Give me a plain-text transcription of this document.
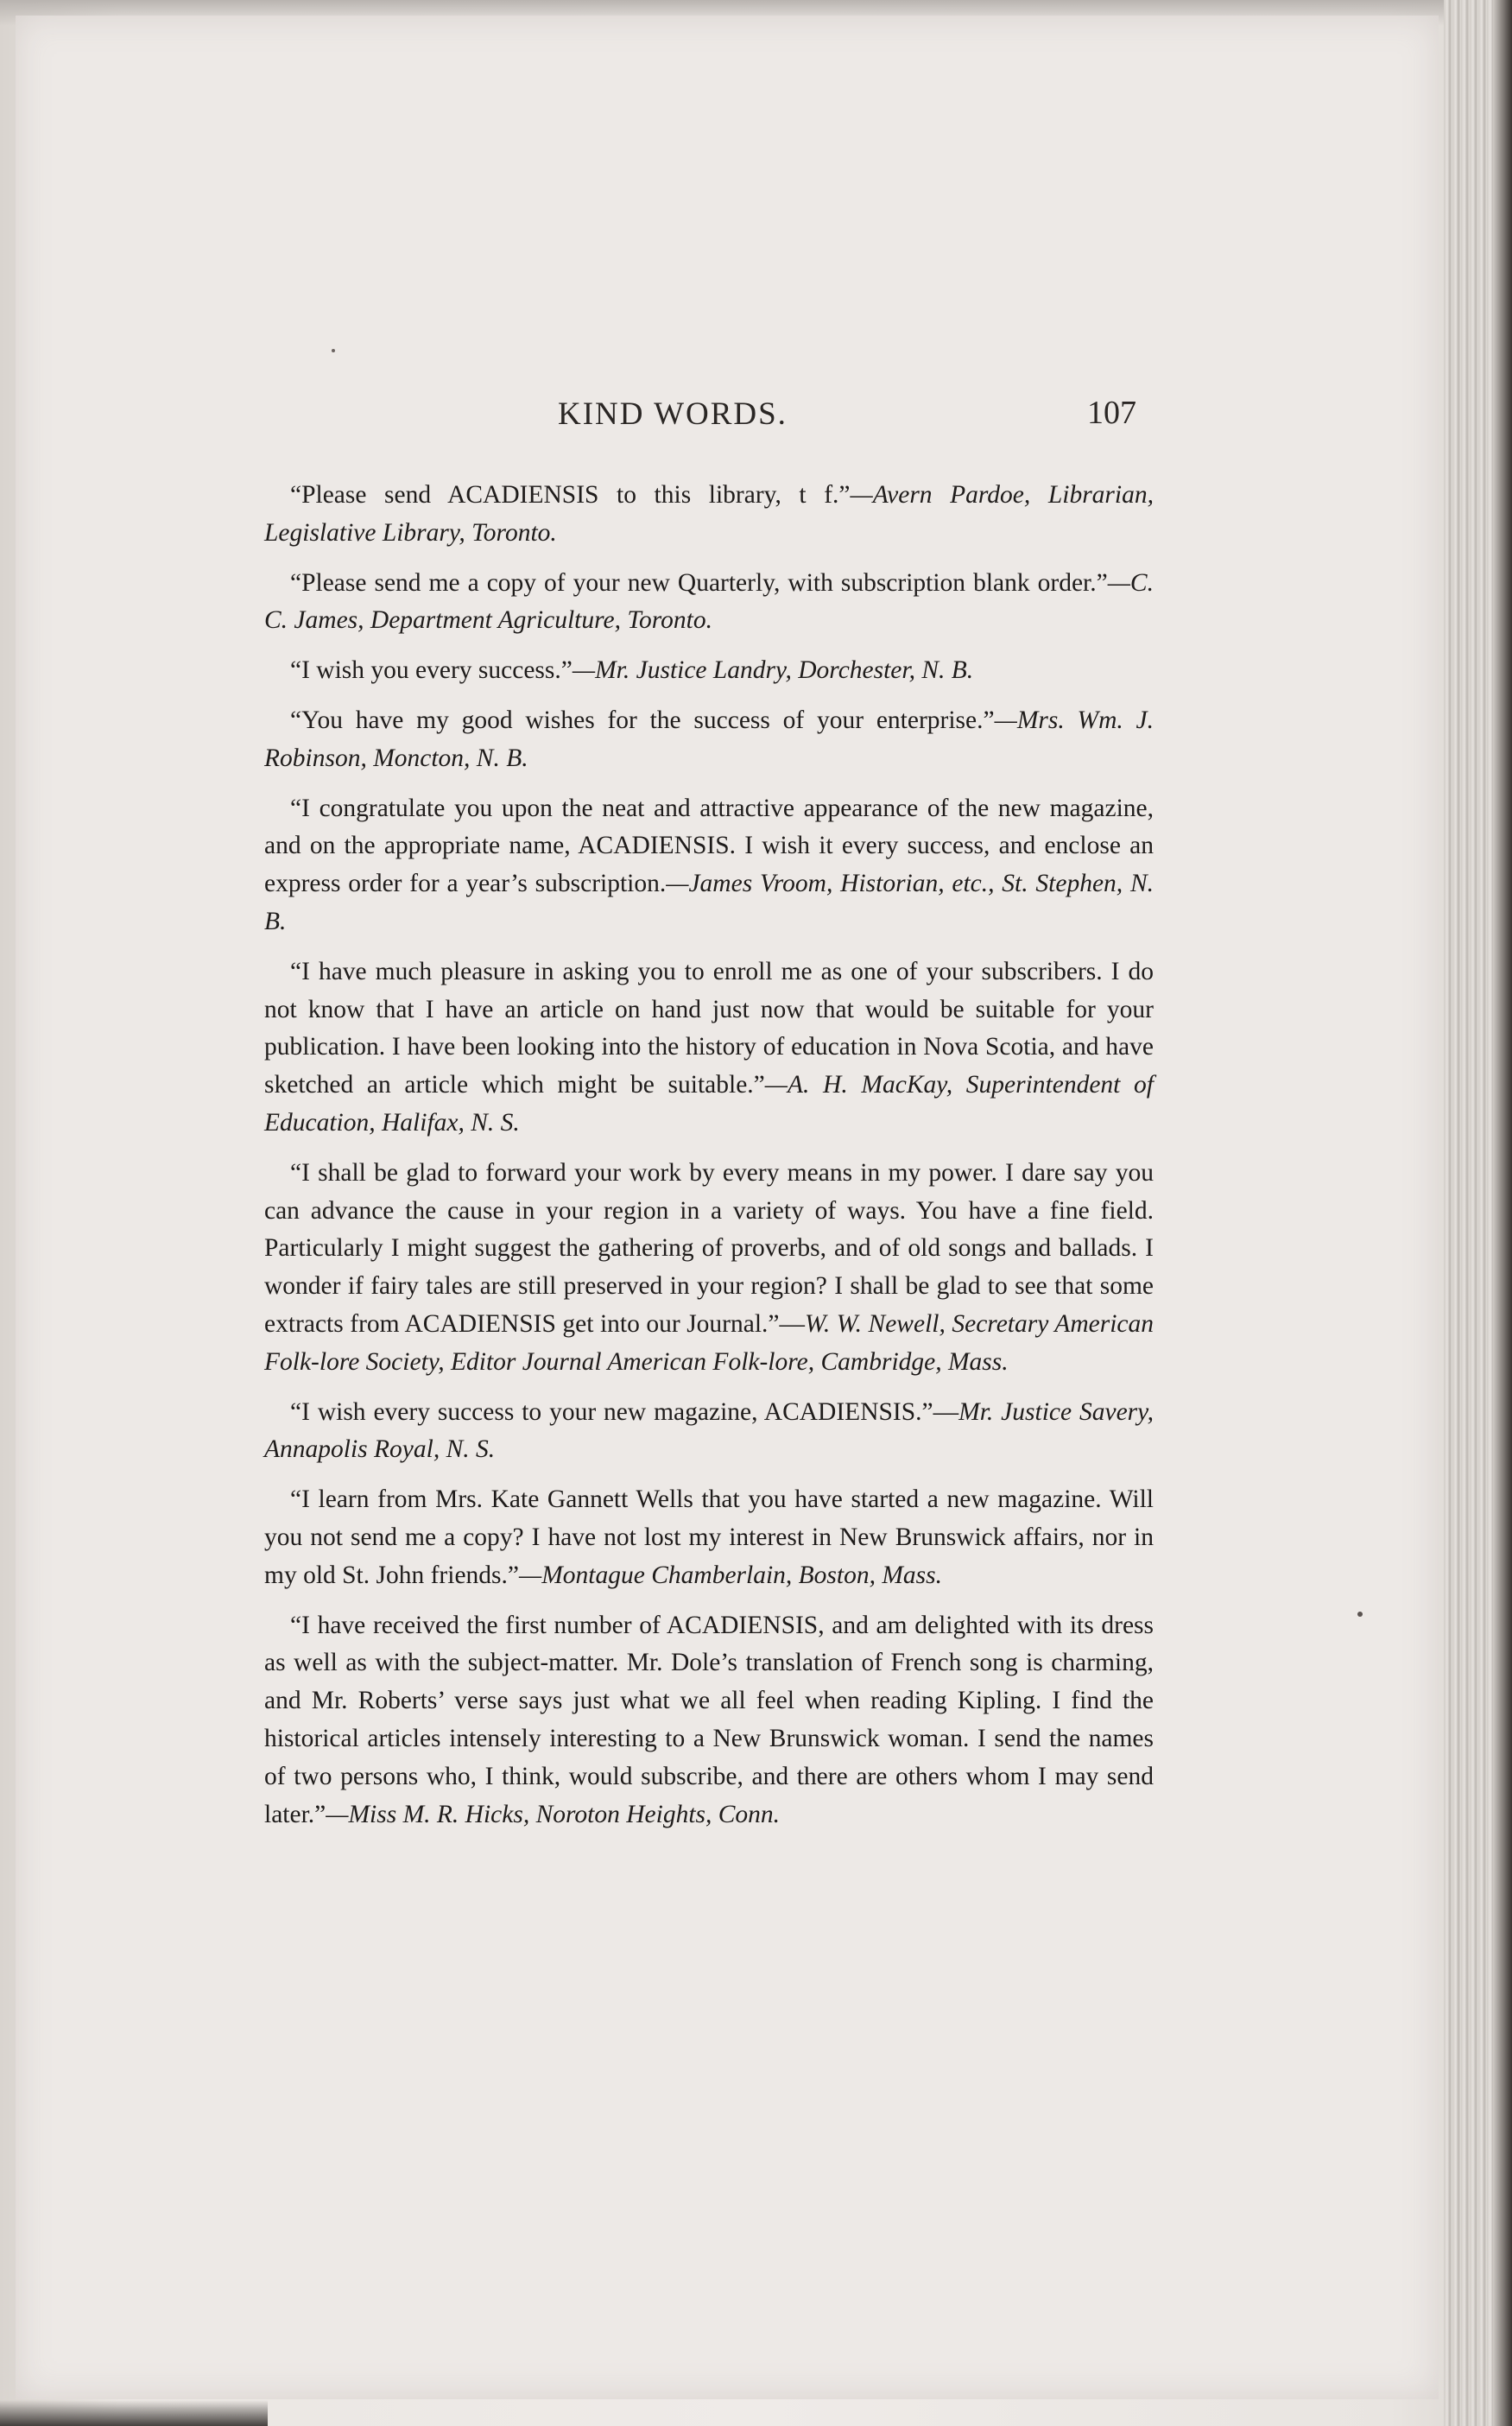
KIND WORDS.	107

“Please send ACADIENSIS to this library, t f.”—Avern Pardoe, Librarian, Legislative Library, Toronto.

“Please send me a copy of your new Quarterly, with subscription blank order.”—C. C. James, Department Agriculture, Toronto.

“I wish you every success.”—Mr. Justice Landry, Dorchester, N. B.

“You have my good wishes for the success of your enterprise.”—Mrs. Wm. J. Robinson, Moncton, N. B.

“I congratulate you upon the neat and attractive appearance of the new magazine, and on the appropriate name, ACADIENSIS. I wish it every success, and enclose an express order for a year’s subscription.—James Vroom, Historian, etc., St. Stephen, N. B.

“I have much pleasure in asking you to enroll me as one of your subscribers. I do not know that I have an article on hand just now that would be suitable for your publication. I have been looking into the history of education in Nova Scotia, and have sketched an article which might be suitable.”—A. H. MacKay, Superintendent of Education, Halifax, N. S.

“I shall be glad to forward your work by every means in my power. I dare say you can advance the cause in your region in a variety of ways. You have a fine field. Particularly I might suggest the gathering of proverbs, and of old songs and ballads. I wonder if fairy tales are still preserved in your region? I shall be glad to see that some extracts from ACADIENSIS get into our Journal.”—W. W. Newell, Secretary American Folk-lore Society, Editor Journal American Folk-lore, Cambridge, Mass.

“I wish every success to your new magazine, ACADIENSIS.”—Mr. Justice Savery, Annapolis Royal, N. S.

“I learn from Mrs. Kate Gannett Wells that you have started a new magazine. Will you not send me a copy? I have not lost my interest in New Brunswick affairs, nor in my old St. John friends.”—Montague Chamberlain, Boston, Mass.

“I have received the first number of ACADIENSIS, and am delighted with its dress as well as with the subject-matter. Mr. Dole’s translation of French song is charming, and Mr. Roberts’ verse says just what we all feel when reading Kipling. I find the historical articles intensely interesting to a New Brunswick woman. I send the names of two persons who, I think, would subscribe, and there are others whom I may send later.”—Miss M. R. Hicks, Noroton Heights, Conn.
